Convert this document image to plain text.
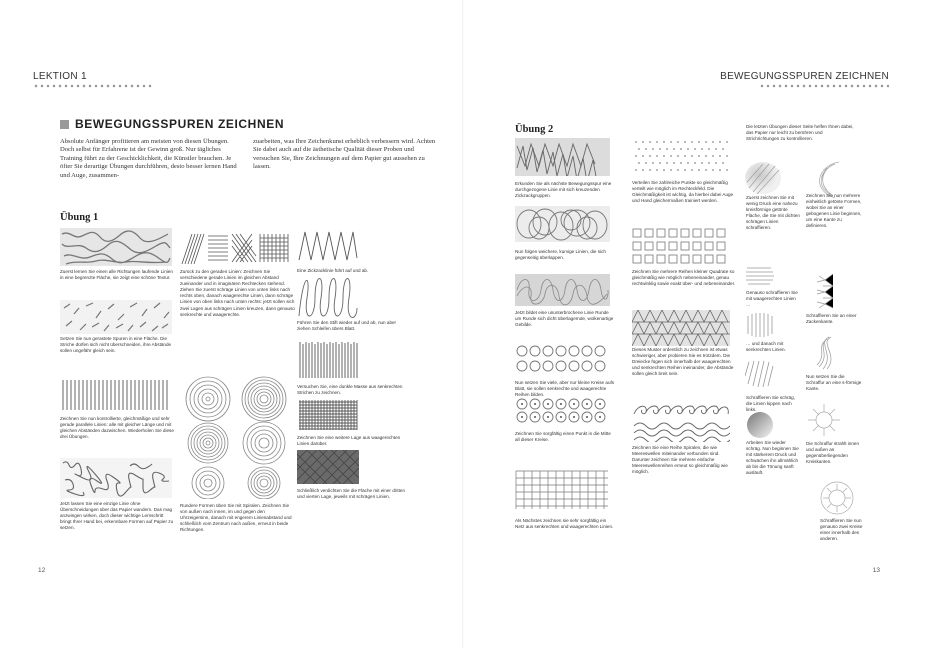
LEKTION 1
BEWEGUNGSSPUREN ZEICHNEN
Absolute Anfänger profitieren am meisten von diesen Übungen. Doch selbst für Erfahrene ist der Gewinn groß. Nur tägliches Training führt zu der Geschicklichkeit, die Künstler brauchen. Je öfter Sie derartige Übungen durchführen, desto besser lernen Hand und Auge, zusammen-
zuarbeiten, was Ihre Zeichenkunst erheblich verbessern wird. Achten Sie dabei auch auf die ästhetische Qualität dieser Proben und versuchen Sie, Ihre Zeichnungen auf dem Papier gut aussehen zu lassen.
Übung 1
Zuerst lernen Sie einen alle Richtungen laufende Linien in eine begrenzte Fläche, sie zeigt eine schöne Textur.
Setzen Sie nun gerastete Spuren in eine Fläche. Die Striche dürfen sich nicht überschneiden, ihre Abstände sollen ungefähr gleich sein.
Zeichnen Sie nun kontrollierte, gleichmäßige und sehr gerade parallele Linien: alle mit gleicher Länge und mit gleichen Abständen dazwischen. Wiederholen Sie diese drei Übungen.
Jetzt lassen Sie eine einzige Linie ohne Überschneidungen über das Papier wandern. Das mag anzwingen wirken, doch dieser wichtige Lernschritt bringt Ihrer Hand bei, erkennbare Formen auf Papier zu setzen.
Zurück zu den geraden Linien: Zeichnen Sie verschiedene gerade Linien im gleichen Abstand zueinander und in imaginären Rechtecken stehend. Ziehen Sie zuerst schräge Linien von unten links nach rechts oben, danach waagerechte Linien, dann schräge Linien von oben links nach unten rechts: jetzt sollen sich zwei Lagen aus schrägen Linien kreuzen, dann genauso senkrechte und waagerechte.
Rundere Formen üben Sie mit Spiralen. Zeichnen Sie von außen nach innen, im und gegen den Uhrzeigersinn, danach mit engerem Linienabstand und schließlich vom Zentrum nach außen, erneut in beide Richtungen.
Eine Zickzacklinie führt auf und ab.
Führen Sie den Stift wieder auf und ab, nun aber ziehen Schleifen übers Blatt.
Versuchen Sie, eine dunkle Masse aus senkrechten Strichen zu zeichnen.
Zeichnen Sie eine weitere Lage aus waagerechten Linien darüber.
Schließlich verdichten Sie die Fläche mit einer dritten und vierten Lage, jeweils mit schrägen Linien.
12
BEWEGUNGSSPUREN ZEICHNEN
Übung 2
Erkunden Sie als nächste Bewegungsspur eine durchgezogene Linie mit sich kreuzenden Zickzackgruppen.
Nun folgen weichere, kurvige Linien, die sich gegenseitig überlappen.
Jetzt bildet eine ununterbrochene Linie Runde um Runde sich dicht überlagernde, wolkenartige Gebilde.
Nun setzen Sie viele, aber nur kleine Kreise aufs Blatt, sie sollen senkrechte und waagerechte Reihen bilden.
Zeichnen Sie sorgfältig einen Punkt in die Mitte all dieser Kreise.
Als Nächstes zeichnen sie sehr sorgfältig ein Netz aus senkrechten und waagerechten Linien.
Verteilen Sie zahlreiche Punkte so gleichmäßig verteilt wie möglich im Rechteckfeld. Die Gleichmäßigkeit ist wichtig, da hierbei dabei Auge und Hand gleichermaßen trainiert werden.
Zeichnen Sie mehrere Reihen kleiner Quadrate so gleichmäßig wie möglich nebeneinander, genau rechtwinklig sowie exakt über- und nebeneinander.
Dieses Muster ordentlich zu zeichnen ist etwas schwieriger, aber probieren Sie es trotzdem. Die Dreiecke fügen sich innerhalb der waagerechten und senkrechten Reihen ineinander, die Abstände sollen gleich breit sein.
Zeichnen Sie eine Reihe Spiralen, die wie Meereswellen miteinander verbunden sind. Darunter zeichnen Sie mehrere einfache Meereswellenreihen erneut so gleichmäßig wie möglich.
Die letzten Übungen dieser Seite helfen Ihnen dabei, das Papier nur leicht zu berühren und Strichrichtungen zu kontrollieren.
Zuerst zeichnen Sie mit wenig Druck eine nahezu kreisförmige getönte Fläche, die Sie mit dichten schrägen Linien schraffieren.
Genauso schraffieren Sie mit waagerechten Linien …
… und danach mit senkrechten Linien.
Schraffieren Sie schräg, die Linien kippen nach links.
Arbeiten Sie wieder schräg. Nun beginnen Sie mit stärkerem Druck und schwächen ihn allmählich ab bis die Tönung sanft ausläuft.
Zeichnen Sie nun mehrere einheitlich getönte Formen, wobei Sie an einer gebogenen Linie beginnen, um eine Kante zu definieren.
Schraffieren Sie an einer Zackenkante.
Nun setzen Sie die Schraffur an eine s-förmige Kante.
Die Schraffur strahlt innen und außen an gegenüberliegenden Kreiskanten.
Schraffieren Sie nun genauso zwei Kreise einer innerhalb des anderen.
13
